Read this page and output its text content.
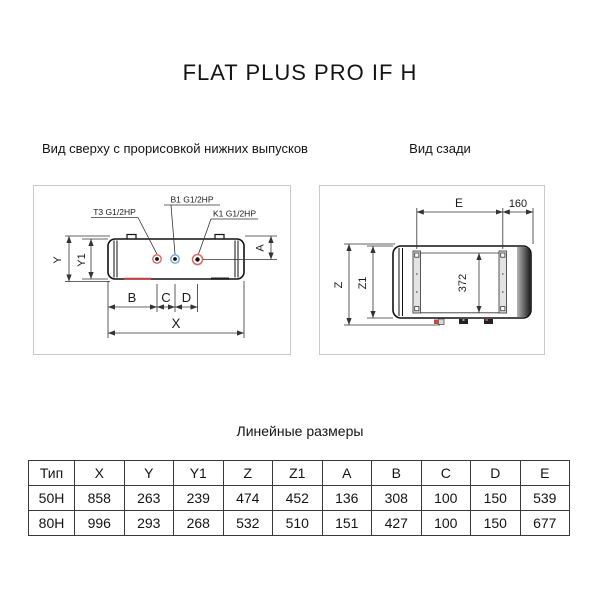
FLAT PLUS PRO IF H
Вид сверху с прорисовкой нижних выпусков	Вид сзади
T3 G1/2HP
B1 G1/2HP
K1 G1/2HP
Y Y1
A
B C D
X
E	160
Z Z1	372
Линейные размеры
Тип	X	Y	Y1	Z	Z1	A	B	C	D	E
50H	858	263	239	474	452	136	308	100	150	539
80H	996	293	268	532	510	151	427	100	150	677
